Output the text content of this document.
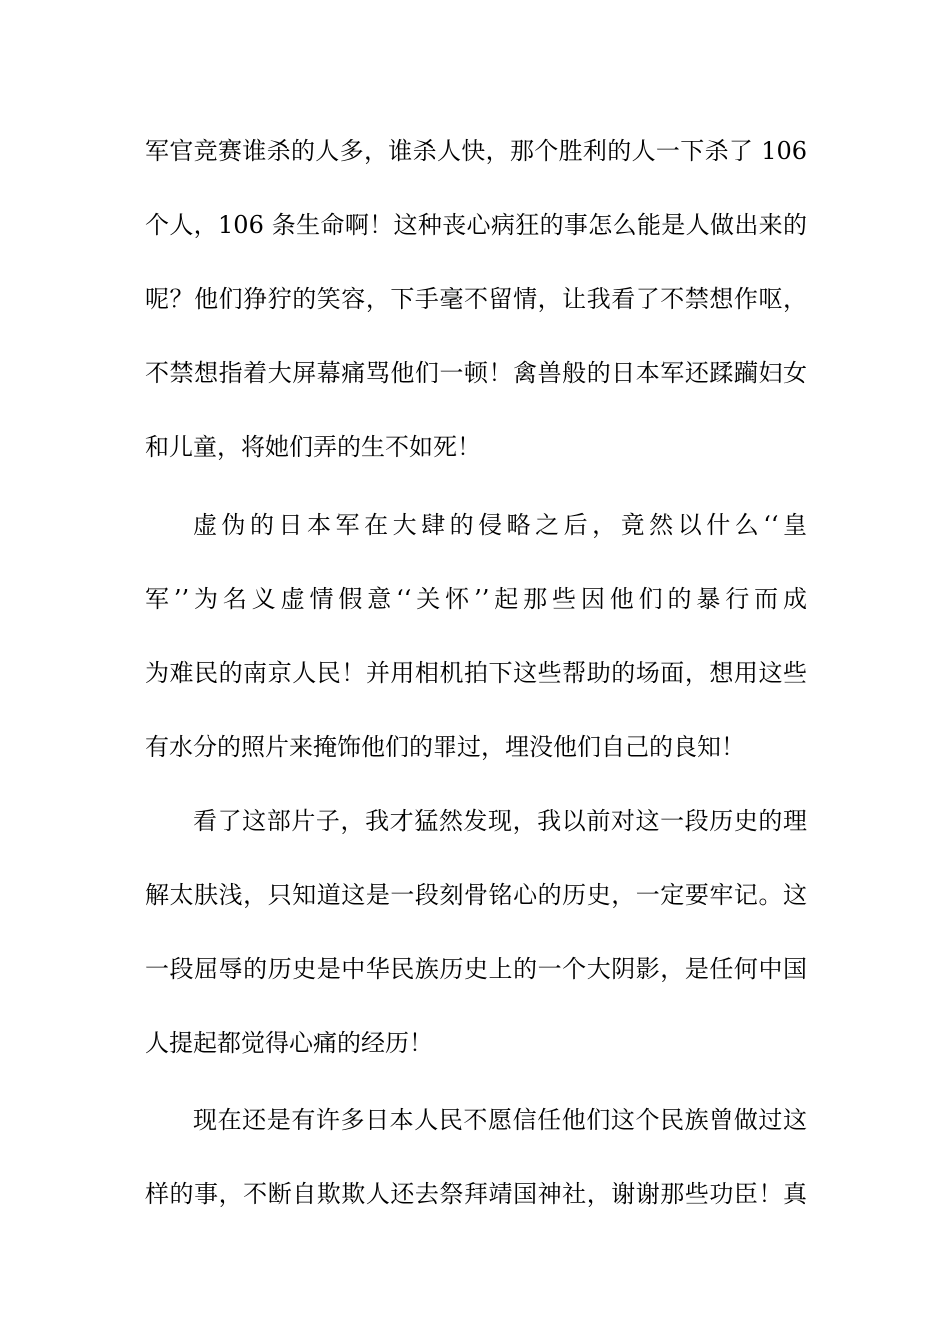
军官竞赛谁杀的人多，谁杀人快，那个胜利的人一下杀了 106
个人，106 条生命啊！这种丧心病狂的事怎么能是人做出来的
呢？他们狰狞的笑容，下手毫不留情，让我看了不禁想作呕，
不禁想指着大屏幕痛骂他们一顿！禽兽般的日本军还蹂躏妇女
和儿童，将她们弄的生不如死！
虚伪的日本军在大肆的侵略之后，竟然以什么‘‘皇
军’’为名义虚情假意‘‘关怀’’起那些因他们的暴行而成
为难民的南京人民！并用相机拍下这些帮助的场面，想用这些
有水分的照片来掩饰他们的罪过，埋没他们自己的良知！
看了这部片子，我才猛然发现，我以前对这一段历史的理
解太肤浅，只知道这是一段刻骨铭心的历史，一定要牢记。这
一段屈辱的历史是中华民族历史上的一个大阴影，是任何中国
人提起都觉得心痛的经历！
现在还是有许多日本人民不愿信任他们这个民族曾做过这
样的事，不断自欺欺人还去祭拜靖国神社，谢谢那些功臣！真
